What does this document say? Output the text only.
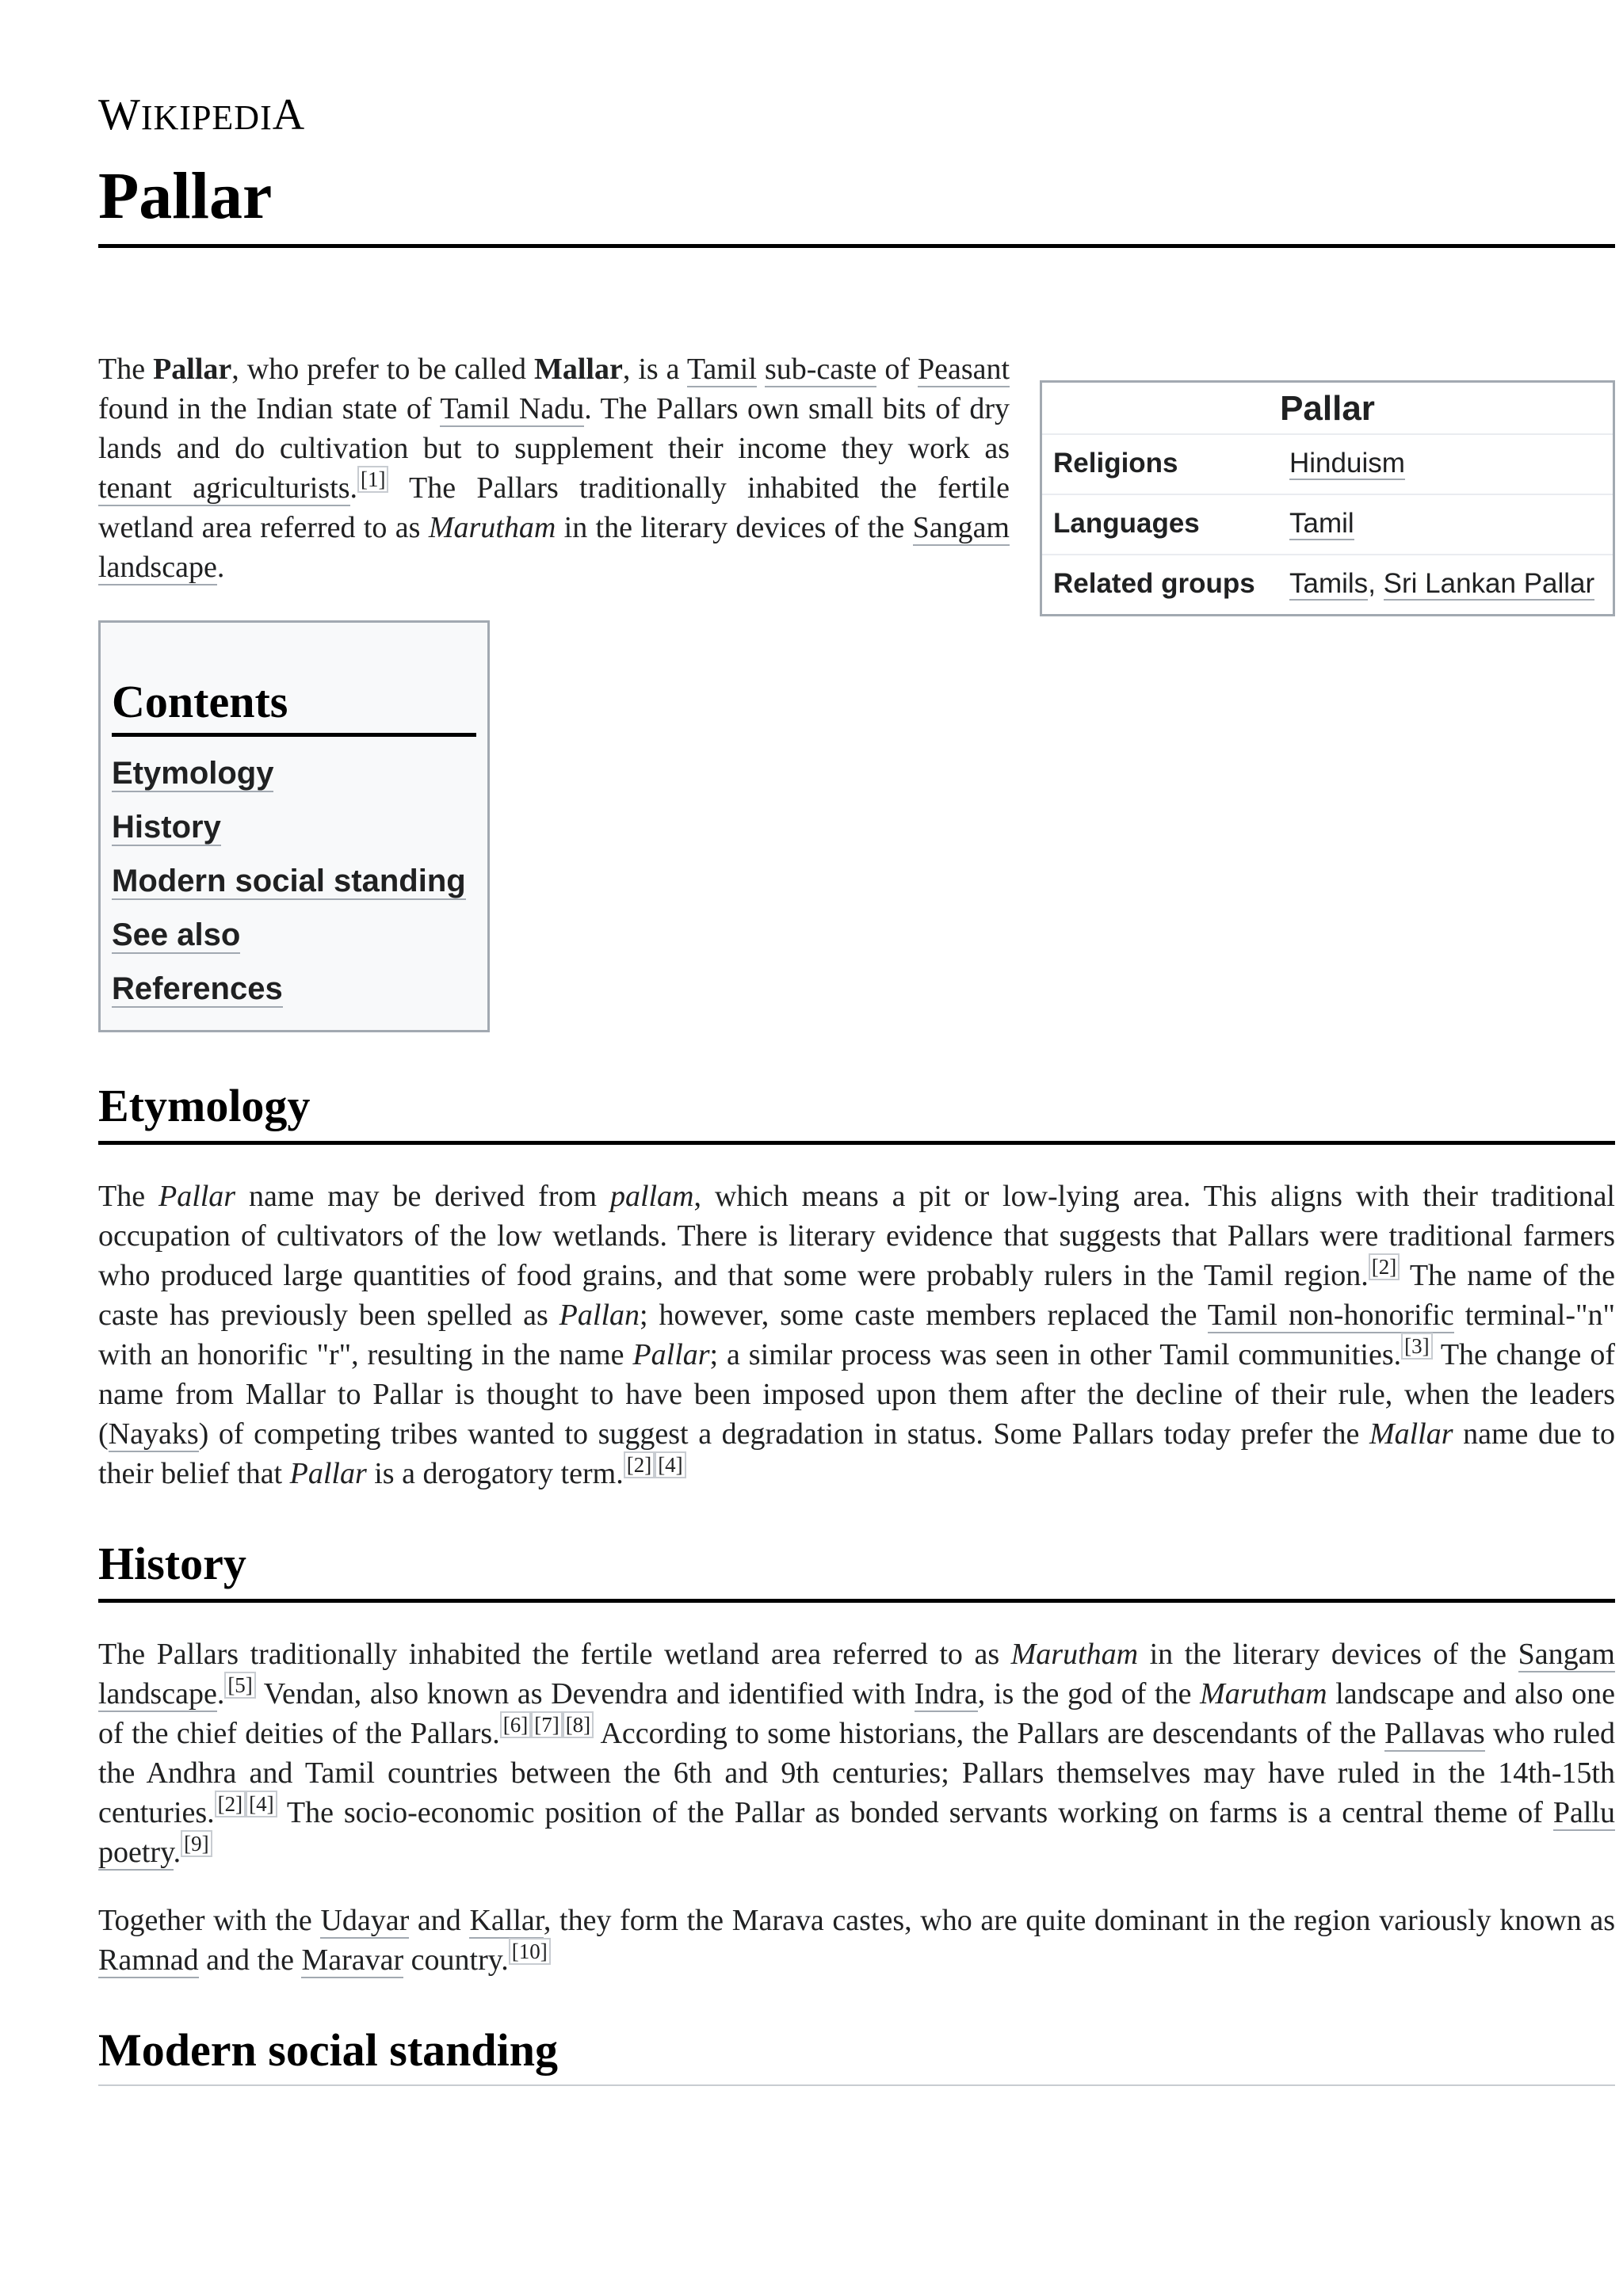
WIKIPEDIA
Pallar
Pallar
Religions	Hinduism
Languages	Tamil
Related groups	Tamils, Sri Lankan Pallar

The Pallar, who prefer to be called Mallar, is a Tamil sub-caste of Peasant found in the Indian state of Tamil Nadu. The Pallars own small bits of dry lands and do cultivation but to supplement their income they work as tenant agriculturists. [1] The Pallars traditionally inhabited the fertile wetland area referred to as Marutham in the literary devices of the Sangam landscape.

Contents
Etymology
History
Modern social standing
See also
References
Etymology

The Pallar name may be derived from pallam, which means a pit or low-lying area. This aligns with their traditional occupation of cultivators of the low wetlands. There is literary evidence that suggests that Pallars were traditional farmers who produced large quantities of food grains, and that some were probably rulers in the Tamil region. [2] The name of the caste has previously been spelled as Pallan; however, some caste members replaced the Tamil non-honorific terminal-"n" with an honorific "r", resulting in the name Pallar; a similar process was seen in other Tamil communities. [3] The change of name from Mallar to Pallar is thought to have been imposed upon them after the decline of their rule, when the leaders (Nayaks) of competing tribes wanted to suggest a degradation in status. Some Pallars today prefer the Mallar name due to their belief that Pallar is a derogatory term. [2] [4]

History

The Pallars traditionally inhabited the fertile wetland area referred to as Marutham in the literary devices of the Sangam landscape. [5] Vendan, also known as Devendra and identified with Indra, is the god of the Marutham landscape and also one of the chief deities of the Pallars. [6] [7] [8] According to some historians, the Pallars are descendants of the Pallavas who ruled the Andhra and Tamil countries between the 6th and 9th centuries; Pallars themselves may have ruled in the 14th-15th centuries. [2] [4] The socio-economic position of the Pallar as bonded servants working on farms is a central theme of Pallu poetry. [9]

Together with the Udayar and Kallar, they form the Marava castes, who are quite dominant in the region variously known as Ramnad and the Maravar country. [10]

Modern social standing
